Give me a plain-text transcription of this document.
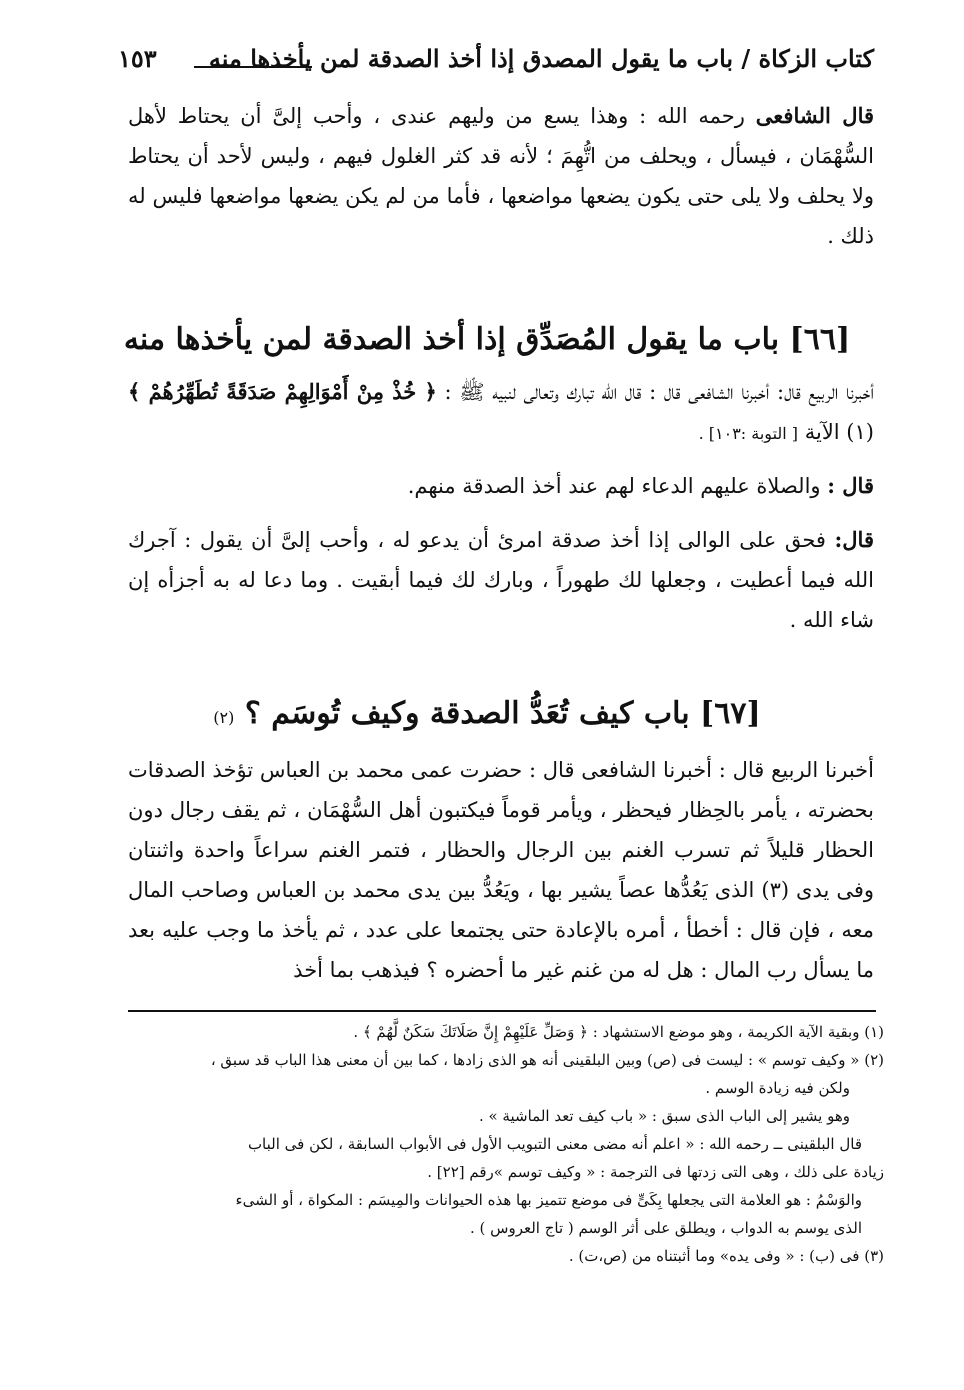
كتاب الزكاة / باب ما يقول المصدق إذا أخذ الصدقة لمن يأخذها منه
١٥٣

قال الشافعى رحمه الله : وهذا يسع من وليهم عندى ، وأحب إلىَّ أن يحتاط لأهل السُّهْمَان ، فيسأل ، ويحلف من اتُّهِمَ ؛ لأنه قد كثر الغلول فيهم ، وليس لأحد أن يحتاط ولا يحلف ولا يلى حتى يكون يضعها مواضعها ، فأما من لم يكن يضعها مواضعها فليس له ذلك .

[٦٦] باب ما يقول المُصَدِّق إذا أخذ الصدقة لمن يأخذها منه

أخبرنا الربيع قال: أخبرنا الشافعى قال : قال الله تبارك وتعالى لنبيه ﷺ : ﴿ خُذْ مِنْ أَمْوَالِهِمْ صَدَقَةً تُطَهِّرُهُمْ ﴾(١) الآية [ التوبة :١٠٣] .

قال : والصلاة عليهم الدعاء لهم عند أخذ الصدقة منهم.

قال: فحق على الوالى إذا أخذ صدقة امرئ أن يدعو له ، وأحب إلىَّ أن يقول : آجرك الله فيما أعطيت ، وجعلها لك طهوراً ، وبارك لك فيما أبقيت . وما دعا له به أجزأه إن شاء الله .

[٦٧] باب كيف تُعَدُّ الصدقة وكيف تُوسَم ؟ (٢)

أخبرنا الربيع قال : أخبرنا الشافعى قال : حضرت عمى محمد بن العباس تؤخذ الصدقات بحضرته ، يأمر بالحِظار فيحظر ، ويأمر قوماً فيكتبون أهل السُّهْمَان ، ثم يقف رجال دون الحظار قليلاً ثم تسرب الغنم بين الرجال والحظار ، فتمر الغنم سراعاً واحدة واثنتان وفى يدى (٣) الذى يَعُدُّها عصاً يشير بها ، ويَعُدُّ بين يدى محمد بن العباس وصاحب المال معه ، فإن قال : أخطأ ، أمره بالإعادة حتى يجتمعا على عدد ، ثم يأخذ ما وجب عليه بعد ما يسأل رب المال : هل له من غنم غير ما أحضره ؟ فيذهب بما أخذ

(١) وبقية الآية الكريمة ، وهو موضع الاستشهاد : ﴿ وَصَلِّ عَلَيْهِمْ إِنَّ صَلَاتَكَ سَكَنٌ لَّهُمْ ﴾ .

(٢) « وكيف توسم » : ليست فى (ص) وبين البلقينى أنه هو الذى زادها ، كما بين أن معنى هذا الباب قد سبق ،

ولكن فيه زيادة الوسم .

وهو يشير إلى الباب الذى سبق : « باب كيف تعد الماشية » .

قال البلقينى ــ رحمه الله : « اعلم أنه مضى معنى التبويب الأول فى الأبواب السابقة ، لكن فى الباب

زيادة على ذلك ، وهى التى زدتها فى الترجمة : « وكيف توسم »رقم [٢٢] .

والوَسْمُ : هو العلامة التى يجعلها بِكَىٍّ فى موضع تتميز بها هذه الحيوانات والمِيسَم : المكواة ، أو الشىء

الذى يوسم به الدواب ، ويطلق على أثر الوسم ( تاج العروس ) .

(٣) فى (ب) : « وفى يده» وما أثبتناه من (ص،ت) .
